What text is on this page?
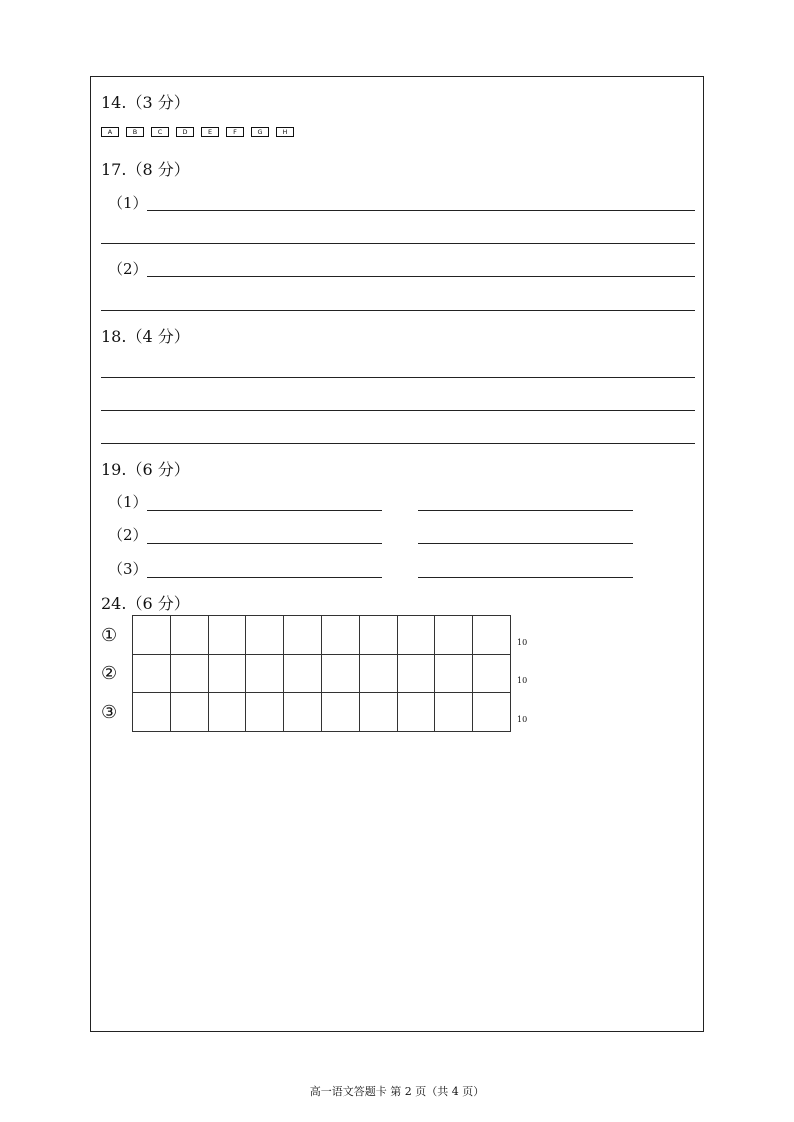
14.（3 分）
A	B	C	D	E	F	G	H
17.（8 分）
（1）
（2）
18.（4 分）
19.（6 分）
（1）
（2）
（3）
24.（6 分）
①
②
③
10
10
10
高一语文答题卡 第 2 页（共 4 页）
